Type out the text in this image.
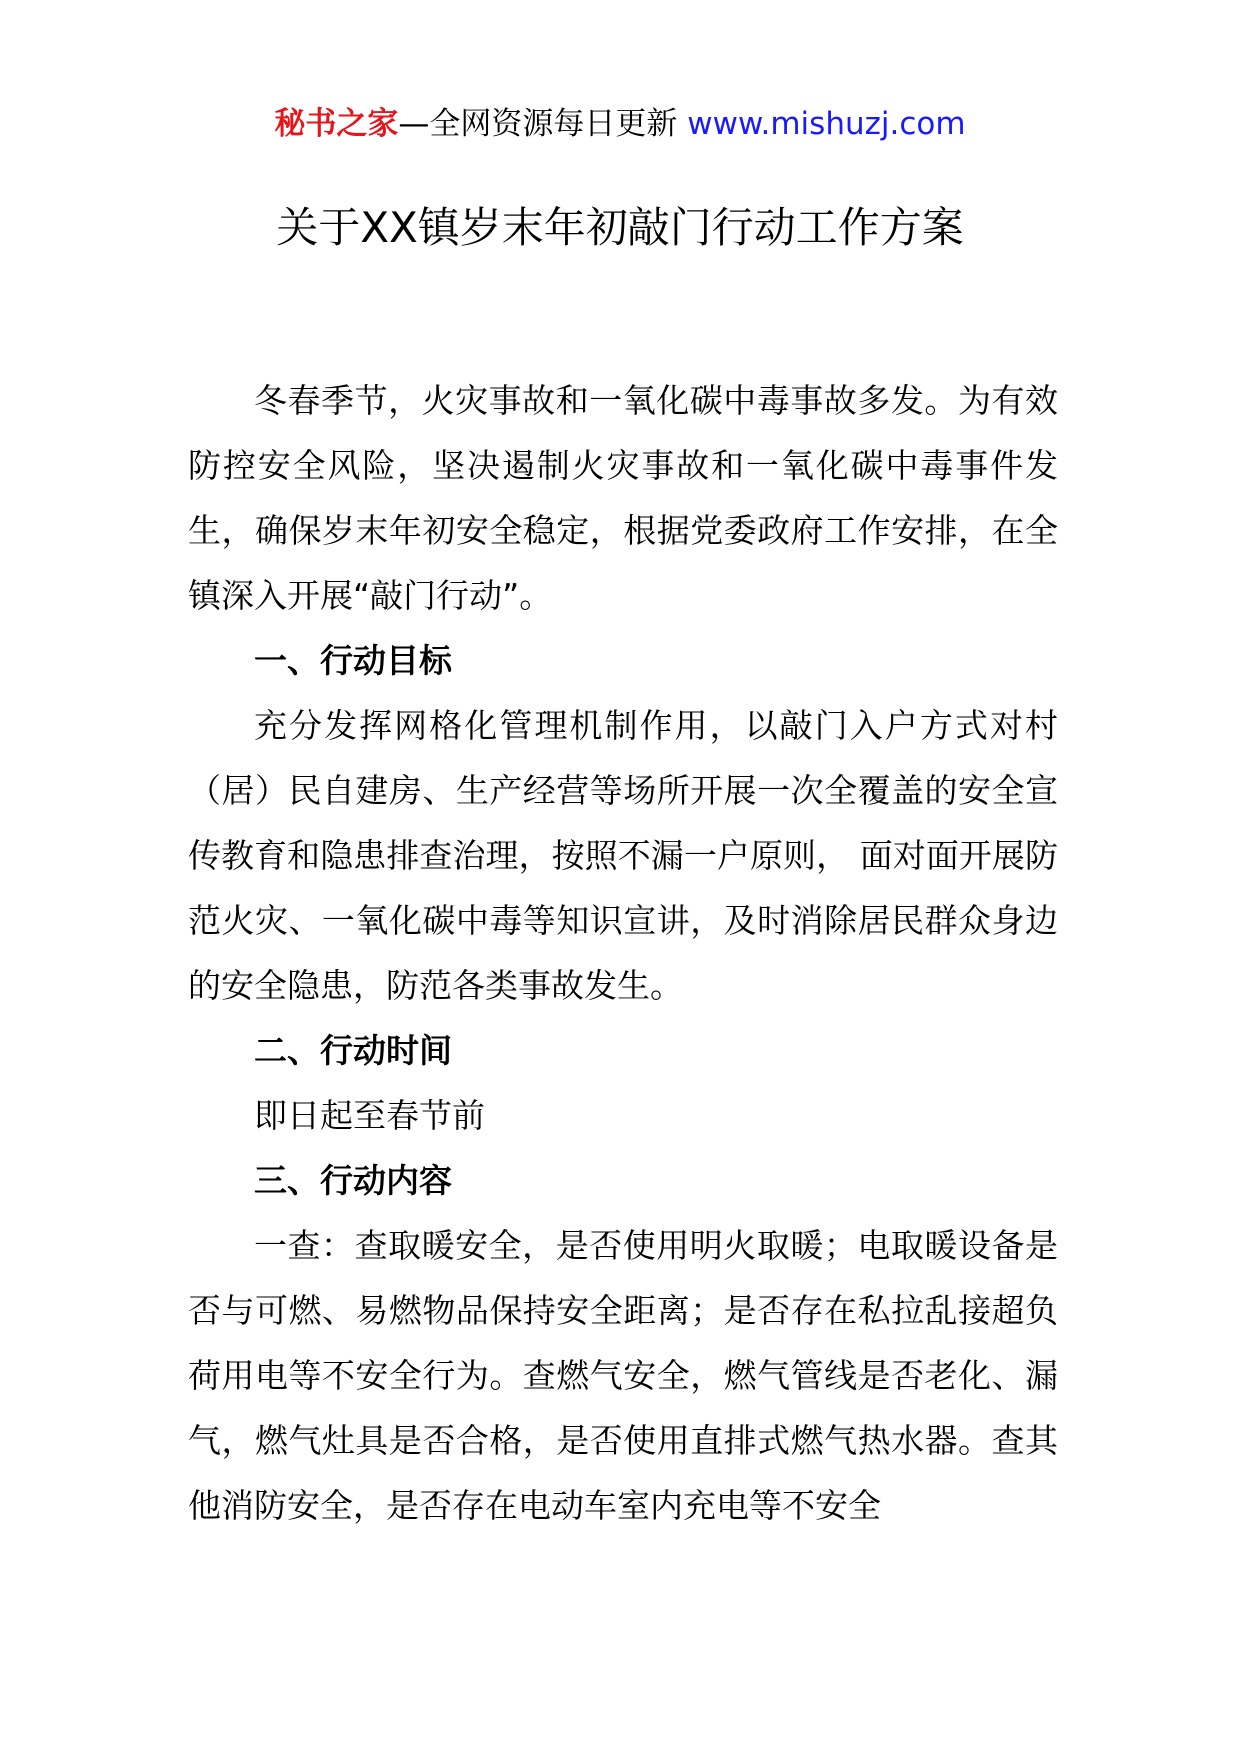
秘书之家—全网资源每日更新 www.mishuzj.com
关于XX镇岁末年初敲门行动工作方案

冬春季节，火灾事故和一氧化碳中毒事故多发。为有效防控安全风险，坚决遏制火灾事故和一氧化碳中毒事件发生，确保岁末年初安全稳定，根据党委政府工作安排，在全镇深入开展“敲门行动”。

一、行动目标

充分发挥网格化管理机制作用，以敲门入户方式对村（居）民自建房、生产经营等场所开展一次全覆盖的安全宣传教育和隐患排查治理，按照不漏一户原则， 面对面开展防范火灾、一氧化碳中毒等知识宣讲，及时消除居民群众身边的安全隐患，防范各类事故发生。

二、行动时间

即日起至春节前

三、行动内容

一查：查取暖安全，是否使用明火取暖；电取暖设备是否与可燃、易燃物品保持安全距离；是否存在私拉乱接超负荷用电等不安全行为。查燃气安全，燃气管线是否老化、漏气，燃气灶具是否合格，是否使用直排式燃气热水器。查其他消防安全，是否存在电动车室内充电等不安全
